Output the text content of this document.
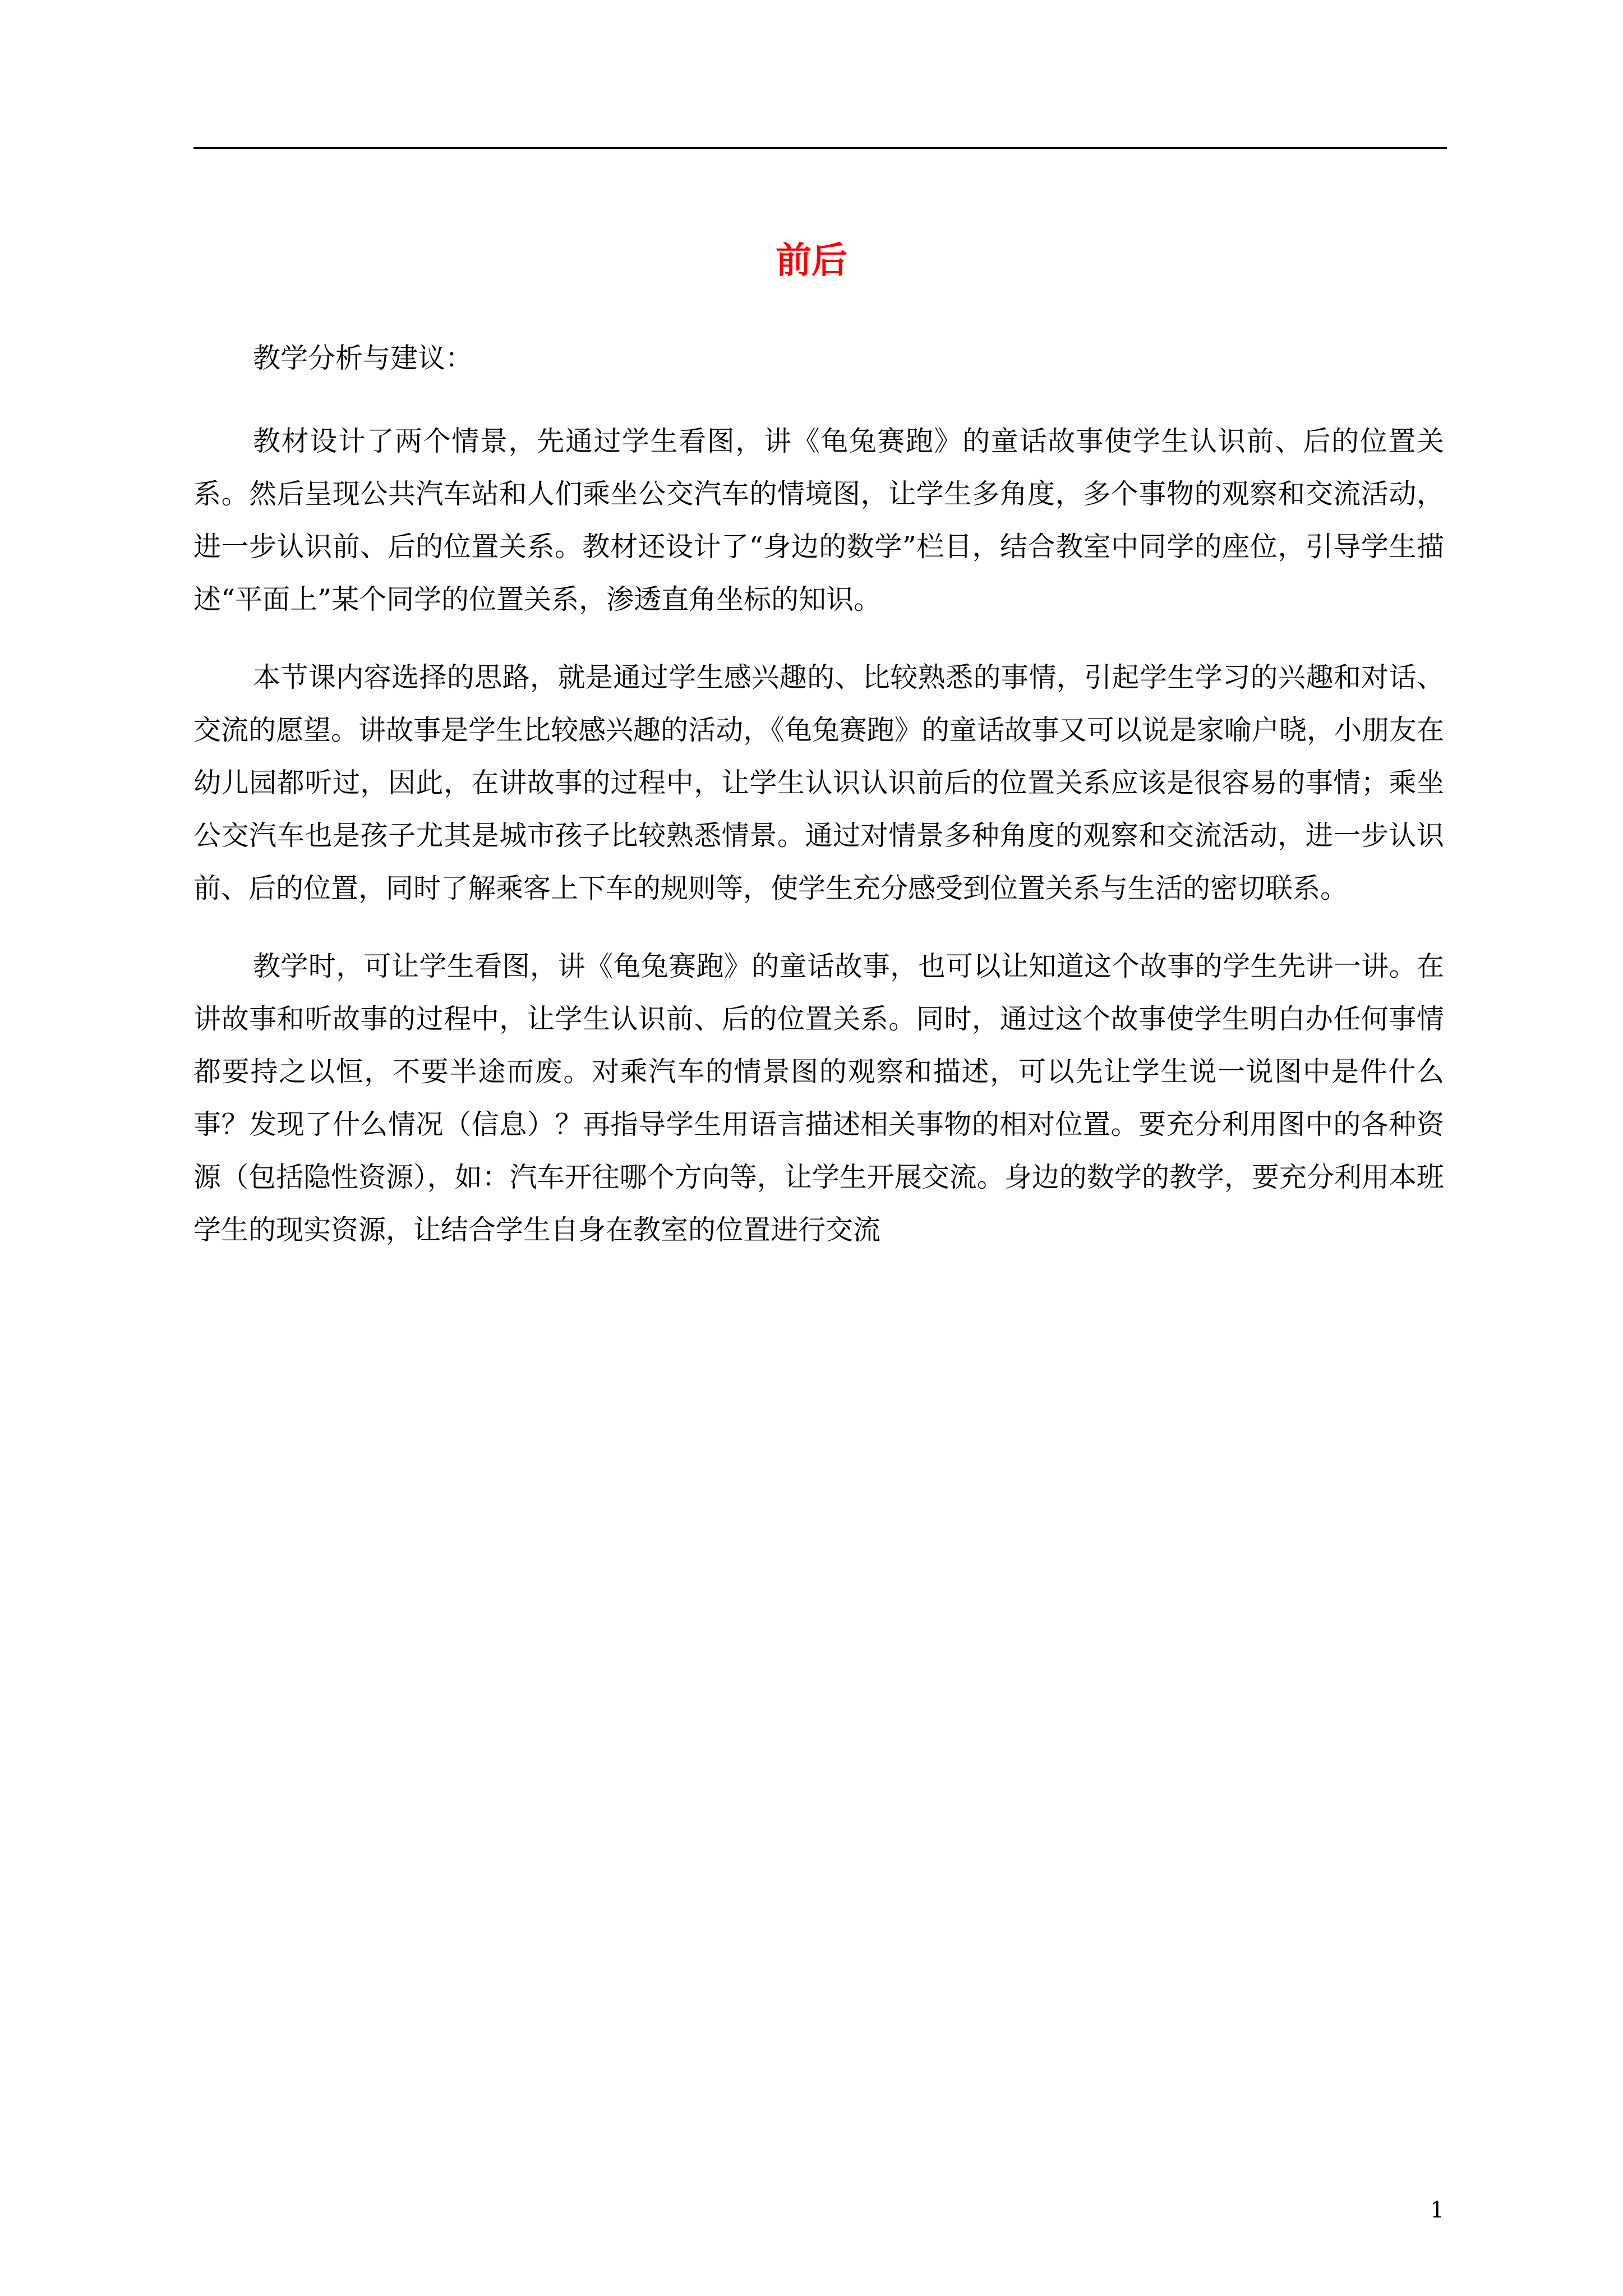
前后

教学分析与建议：

教材设计了两个情景，先通过学生看图，讲《龟兔赛跑》的童话故事使学生认识前、后的位置关系。然后呈现公共汽车站和人们乘坐公交汽车的情境图，让学生多角度，多个事物的观察和交流活动，进一步认识前、后的位置关系。教材还设计了“身边的数学”栏目，结合教室中同学的座位，引导学生描述“平面上”某个同学的位置关系，渗透直角坐标的知识。

本节课内容选择的思路，就是通过学生感兴趣的、比较熟悉的事情，引起学生学习的兴趣和对话、交流的愿望。讲故事是学生比较感兴趣的活动，《龟兔赛跑》的童话故事又可以说是家喻户晓，小朋友在幼儿园都听过，因此，在讲故事的过程中，让学生认识认识前后的位置关系应该是很容易的事情；乘坐公交汽车也是孩子尤其是城市孩子比较熟悉情景。通过对情景多种角度的观察和交流活动，进一步认识前、后的位置，同时了解乘客上下车的规则等，使学生充分感受到位置关系与生活的密切联系。

教学时，可让学生看图，讲《龟兔赛跑》的童话故事，也可以让知道这个故事的学生先讲一讲。在讲故事和听故事的过程中，让学生认识前、后的位置关系。同时，通过这个故事使学生明白办任何事情都要持之以恒，不要半途而废。对乘汽车的情景图的观察和描述，可以先让学生说一说图中是件什么事？发现了什么情况（信息）？再指导学生用语言描述相关事物的相对位置。要充分利用图中的各种资源（包括隐性资源），如：汽车开往哪个方向等，让学生开展交流。身边的数学的教学，要充分利用本班学生的现实资源，让结合学生自身在教室的位置进行交流

1
